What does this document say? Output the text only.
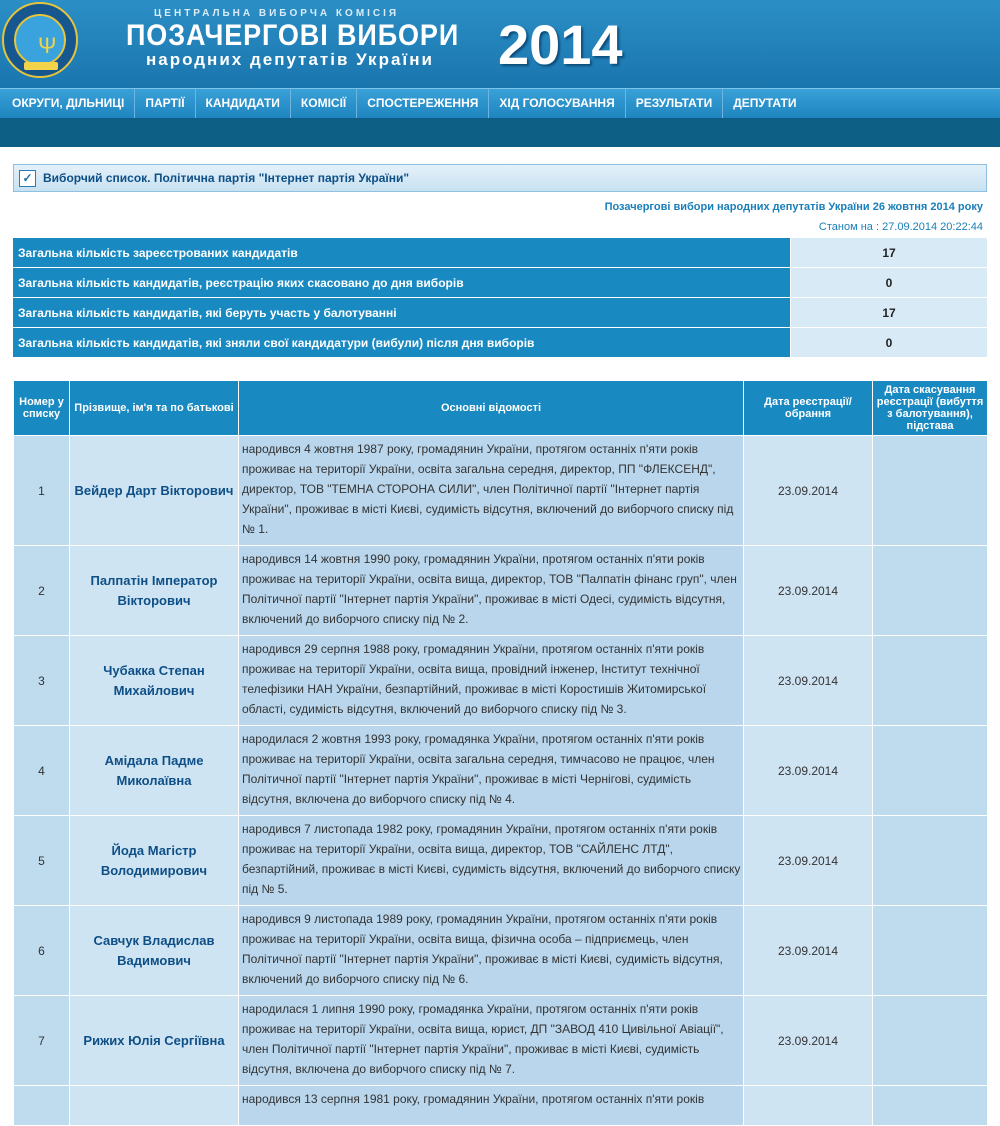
Ψ
ЦЕНТРАЛЬНА ВИБОРЧА КОМІСІЯ
ПОЗАЧЕРГОВІ ВИБОРИ
народних депутатів України 2014
ОКРУГИ, ДІЛЬНИЦІ	ПАРТІЇ	КАНДИДАТИ	КОМІСІЇ	СПОСТЕРЕЖЕННЯ	ХІД ГОЛОСУВАННЯ	РЕЗУЛЬТАТИ	ДЕПУТАТИ
✓ Виборчий список. Політична партія "Інтернет партія України"
Позачергові вибори народних депутатів України 26 жовтня 2014 року
Станом на : 27.09.2014 20:22:44
Загальна кількість зареєстрованих кандидатів	17
Загальна кількість кандидатів, реєстрацію яких скасовано до дня виборів	0
Загальна кількість кандидатів, які беруть участь у балотуванні	17
Загальна кількість кандидатів, які зняли свої кандидатури (вибули) після дня виборів	0
Номер у списку	Прізвище, ім'я та по батькові	Основні відомості	Дата реєстрації/обрання	Дата скасування реєстрації (вибуття з балотування), підстава
1	Вейдер Дарт Вікторович	народився 4 жовтня 1987 року, громадянин України, протягом останніх п'яти років проживає на території України, освіта загальна середня, директор, ПП "ФЛЕКСЕНД", директор, ТОВ "ТЕМНА СТОРОНА СИЛИ", член Політичної партії "Інтернет партія України", проживає в місті Києві, судимість відсутня, включений до виборчого списку під № 1.	23.09.2014	
2	Палпатін Імператор Вікторович	народився 14 жовтня 1990 року, громадянин України, протягом останніх п'яти років проживає на території України, освіта вища, директор, ТОВ "Палпатін фінанс груп", член Політичної партії "Інтернет партія України", проживає в місті Одесі, судимість відсутня, включений до виборчого списку під № 2.	23.09.2014	
3	Чубакка Степан Михайлович	народився 29 серпня 1988 року, громадянин України, протягом останніх п'яти років проживає на території України, освіта вища, провідний інженер, Інститут технічної телефізики НАН України, безпартійний, проживає в місті Коростишів Житомирської області, судимість відсутня, включений до виборчого списку під № 3.	23.09.2014	
4	Амідала Падме Миколаївна	народилася 2 жовтня 1993 року, громадянка України, протягом останніх п'яти років проживає на території України, освіта загальна середня, тимчасово не працює, член Політичної партії "Інтернет партія України", проживає в місті Чернігові, судимість відсутня, включена до виборчого списку під № 4.	23.09.2014	
5	Йода Магістр Володимирович	народився 7 листопада 1982 року, громадянин України, протягом останніх п'яти років проживає на території України, освіта вища, директор, ТОВ "САЙЛЕНС ЛТД", безпартійний, проживає в місті Києві, судимість відсутня, включений до виборчого списку під № 5.	23.09.2014	
6	Савчук Владислав Вадимович	народився 9 листопада 1989 року, громадянин України, протягом останніх п'яти років проживає на території України, освіта вища, фізична особа – підприємець, член Політичної партії "Інтернет партія України", проживає в місті Києві, судимість відсутня, включений до виборчого списку під № 6.	23.09.2014	
7	Рижих Юлія Сергіївна	народилася 1 липня 1990 року, громадянка України, протягом останніх п'яти років проживає на території України, освіта вища, юрист, ДП "ЗАВОД 410 Цивільної Авіації", член Політичної партії "Інтернет партія України", проживає в місті Києві, судимість відсутня, включена до виборчого списку під № 7.	23.09.2014	
		народився 13 серпня 1981 року, громадянин України, протягом останніх п'яти років		
